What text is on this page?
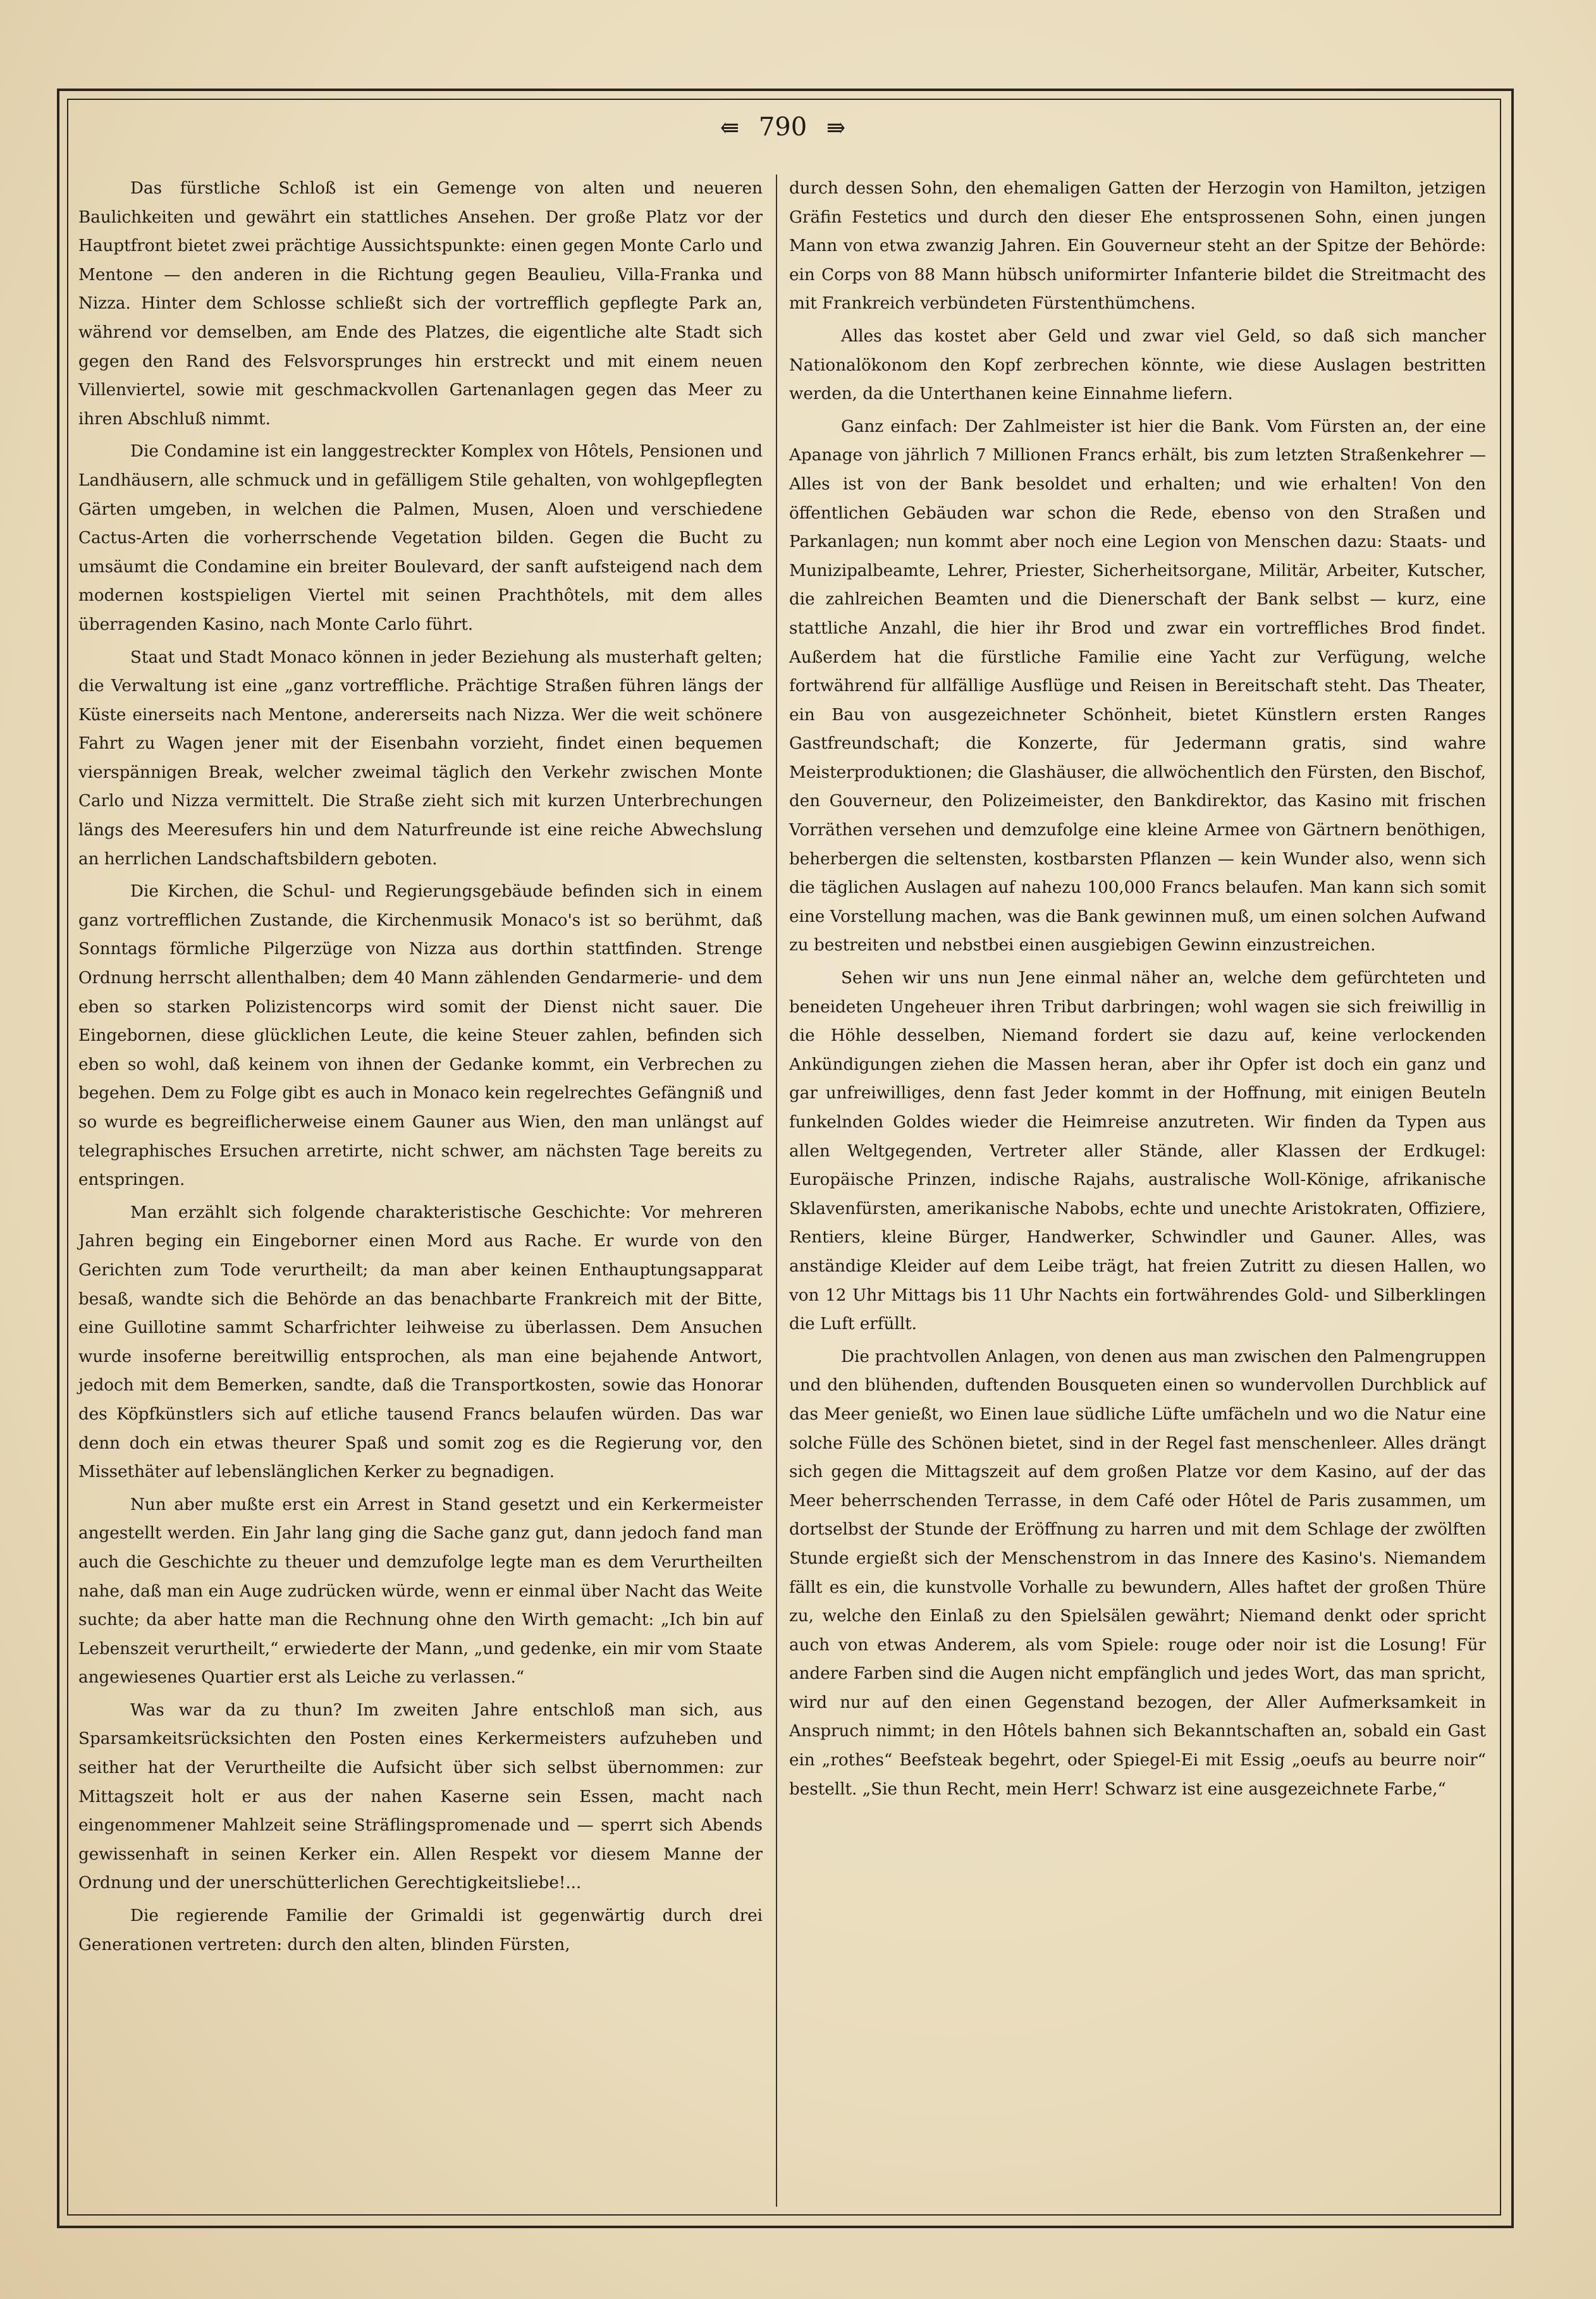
⇚ 790 ⇛

Das fürstliche Schloß ist ein Gemenge von alten und neueren Baulichkeiten und gewährt ein stattliches Ansehen. Der große Platz vor der Hauptfront bietet zwei prächtige Aussichtspunkte: einen gegen Monte Carlo und Mentone — den anderen in die Richtung gegen Beaulieu, Villa-Franka und Nizza. Hinter dem Schlosse schließt sich der vortrefflich gepflegte Park an, während vor demselben, am Ende des Platzes, die eigentliche alte Stadt sich gegen den Rand des Felsvorsprunges hin erstreckt und mit einem neuen Villenviertel, sowie mit geschmackvollen Gartenanlagen gegen das Meer zu ihren Abschluß nimmt.

Die Condamine ist ein langgestreckter Komplex von Hôtels, Pensionen und Landhäusern, alle schmuck und in gefälligem Stile gehalten, von wohlgepflegten Gärten umgeben, in welchen die Palmen, Musen, Aloen und verschiedene Cactus-Arten die vorherrschende Vegetation bilden. Gegen die Bucht zu umsäumt die Condamine ein breiter Boulevard, der sanft aufsteigend nach dem modernen kostspieligen Viertel mit seinen Prachthôtels, mit dem alles überragenden Kasino, nach Monte Carlo führt.

Staat und Stadt Monaco können in jeder Beziehung als musterhaft gelten; die Verwaltung ist eine „ganz vortreffliche. Prächtige Straßen führen längs der Küste einerseits nach Mentone, andererseits nach Nizza. Wer die weit schönere Fahrt zu Wagen jener mit der Eisenbahn vorzieht, findet einen bequemen vierspännigen Break, welcher zweimal täglich den Verkehr zwischen Monte Carlo und Nizza vermittelt. Die Straße zieht sich mit kurzen Unterbrechungen längs des Meeresufers hin und dem Naturfreunde ist eine reiche Abwechslung an herrlichen Landschaftsbildern geboten.

Die Kirchen, die Schul- und Regierungsgebäude befinden sich in einem ganz vortrefflichen Zustande, die Kirchenmusik Monaco's ist so berühmt, daß Sonntags förmliche Pilgerzüge von Nizza aus dorthin stattfinden. Strenge Ordnung herrscht allenthalben; dem 40 Mann zählenden Gendarmerie- und dem eben so starken Polizistencorps wird somit der Dienst nicht sauer. Die Eingebornen, diese glücklichen Leute, die keine Steuer zahlen, befinden sich eben so wohl, daß keinem von ihnen der Gedanke kommt, ein Verbrechen zu begehen. Dem zu Folge gibt es auch in Monaco kein regelrechtes Gefängniß und so wurde es begreiflicherweise einem Gauner aus Wien, den man unlängst auf telegraphisches Ersuchen arretirte, nicht schwer, am nächsten Tage bereits zu entspringen.

Man erzählt sich folgende charakteristische Geschichte: Vor mehreren Jahren beging ein Eingeborner einen Mord aus Rache. Er wurde von den Gerichten zum Tode verurtheilt; da man aber keinen Enthauptungsapparat besaß, wandte sich die Behörde an das benachbarte Frankreich mit der Bitte, eine Guillotine sammt Scharfrichter leihweise zu überlassen. Dem Ansuchen wurde insoferne bereitwillig entsprochen, als man eine bejahende Antwort, jedoch mit dem Bemerken, sandte, daß die Transportkosten, sowie das Honorar des Köpfkünstlers sich auf etliche tausend Francs belaufen würden. Das war denn doch ein etwas theurer Spaß und somit zog es die Regierung vor, den Missethäter auf lebenslänglichen Kerker zu begnadigen.

Nun aber mußte erst ein Arrest in Stand gesetzt und ein Kerkermeister angestellt werden. Ein Jahr lang ging die Sache ganz gut, dann jedoch fand man auch die Geschichte zu theuer und demzufolge legte man es dem Verurtheilten nahe, daß man ein Auge zudrücken würde, wenn er einmal über Nacht das Weite suchte; da aber hatte man die Rechnung ohne den Wirth gemacht: „Ich bin auf Lebenszeit verurtheilt,“ erwiederte der Mann, „und gedenke, ein mir vom Staate angewiesenes Quartier erst als Leiche zu verlassen.“

Was war da zu thun? Im zweiten Jahre entschloß man sich, aus Sparsamkeitsrücksichten den Posten eines Kerkermeisters aufzuheben und seither hat der Verurtheilte die Aufsicht über sich selbst übernommen: zur Mittagszeit holt er aus der nahen Kaserne sein Essen, macht nach eingenommener Mahlzeit seine Sträflingspromenade und — sperrt sich Abends gewissenhaft in seinen Kerker ein. Allen Respekt vor diesem Manne der Ordnung und der unerschütterlichen Gerechtigkeitsliebe!...

Die regierende Familie der Grimaldi ist gegenwärtig durch drei Generationen vertreten: durch den alten, blinden Fürsten,

durch dessen Sohn, den ehemaligen Gatten der Herzogin von Hamilton, jetzigen Gräfin Festetics und durch den dieser Ehe entsprossenen Sohn, einen jungen Mann von etwa zwanzig Jahren. Ein Gouverneur steht an der Spitze der Behörde: ein Corps von 88 Mann hübsch uniformirter Infanterie bildet die Streitmacht des mit Frankreich verbündeten Fürstenthümchens.

Alles das kostet aber Geld und zwar viel Geld, so daß sich mancher Nationalökonom den Kopf zerbrechen könnte, wie diese Auslagen bestritten werden, da die Unterthanen keine Einnahme liefern.

Ganz einfach: Der Zahlmeister ist hier die Bank. Vom Fürsten an, der eine Apanage von jährlich 7 Millionen Francs erhält, bis zum letzten Straßenkehrer — Alles ist von der Bank besoldet und erhalten; und wie erhalten! Von den öffentlichen Gebäuden war schon die Rede, ebenso von den Straßen und Parkanlagen; nun kommt aber noch eine Legion von Menschen dazu: Staats- und Munizipalbeamte, Lehrer, Priester, Sicherheitsorgane, Militär, Arbeiter, Kutscher, die zahlreichen Beamten und die Dienerschaft der Bank selbst — kurz, eine stattliche Anzahl, die hier ihr Brod und zwar ein vortreffliches Brod findet. Außerdem hat die fürstliche Familie eine Yacht zur Verfügung, welche fortwährend für allfällige Ausflüge und Reisen in Bereitschaft steht. Das Theater, ein Bau von ausgezeichneter Schönheit, bietet Künstlern ersten Ranges Gastfreundschaft; die Konzerte, für Jedermann gratis, sind wahre Meisterproduktionen; die Glashäuser, die allwöchentlich den Fürsten, den Bischof, den Gouverneur, den Polizeimeister, den Bankdirektor, das Kasino mit frischen Vorräthen versehen und demzufolge eine kleine Armee von Gärtnern benöthigen, beherbergen die seltensten, kostbarsten Pflanzen — kein Wunder also, wenn sich die täglichen Auslagen auf nahezu 100,000 Francs belaufen. Man kann sich somit eine Vorstellung machen, was die Bank gewinnen muß, um einen solchen Aufwand zu bestreiten und nebstbei einen ausgiebigen Gewinn einzustreichen.

Sehen wir uns nun Jene einmal näher an, welche dem gefürchteten und beneideten Ungeheuer ihren Tribut darbringen; wohl wagen sie sich freiwillig in die Höhle desselben, Niemand fordert sie dazu auf, keine verlockenden Ankündigungen ziehen die Massen heran, aber ihr Opfer ist doch ein ganz und gar unfreiwilliges, denn fast Jeder kommt in der Hoffnung, mit einigen Beuteln funkelnden Goldes wieder die Heimreise anzutreten. Wir finden da Typen aus allen Weltgegenden, Vertreter aller Stände, aller Klassen der Erdkugel: Europäische Prinzen, indische Rajahs, australische Woll-Könige, afrikanische Sklavenfürsten, amerikanische Nabobs, echte und unechte Aristokraten, Offiziere, Rentiers, kleine Bürger, Handwerker, Schwindler und Gauner. Alles, was anständige Kleider auf dem Leibe trägt, hat freien Zutritt zu diesen Hallen, wo von 12 Uhr Mittags bis 11 Uhr Nachts ein fortwährendes Gold- und Silberklingen die Luft erfüllt.

Die prachtvollen Anlagen, von denen aus man zwischen den Palmengruppen und den blühenden, duftenden Bousqueten einen so wundervollen Durchblick auf das Meer genießt, wo Einen laue südliche Lüfte umfächeln und wo die Natur eine solche Fülle des Schönen bietet, sind in der Regel fast menschenleer. Alles drängt sich gegen die Mittagszeit auf dem großen Platze vor dem Kasino, auf der das Meer beherrschenden Terrasse, in dem Café oder Hôtel de Paris zusammen, um dortselbst der Stunde der Eröffnung zu harren und mit dem Schlage der zwölften Stunde ergießt sich der Menschenstrom in das Innere des Kasino's. Niemandem fällt es ein, die kunstvolle Vorhalle zu bewundern, Alles haftet der großen Thüre zu, welche den Einlaß zu den Spielsälen gewährt; Niemand denkt oder spricht auch von etwas Anderem, als vom Spiele: rouge oder noir ist die Losung! Für andere Farben sind die Augen nicht empfänglich und jedes Wort, das man spricht, wird nur auf den einen Gegenstand bezogen, der Aller Aufmerksamkeit in Anspruch nimmt; in den Hôtels bahnen sich Bekanntschaften an, sobald ein Gast ein „rothes“ Beefsteak begehrt, oder Spiegel-Ei mit Essig „oeufs au beurre noir“ bestellt. „Sie thun Recht, mein Herr! Schwarz ist eine ausgezeichnete Farbe,“
